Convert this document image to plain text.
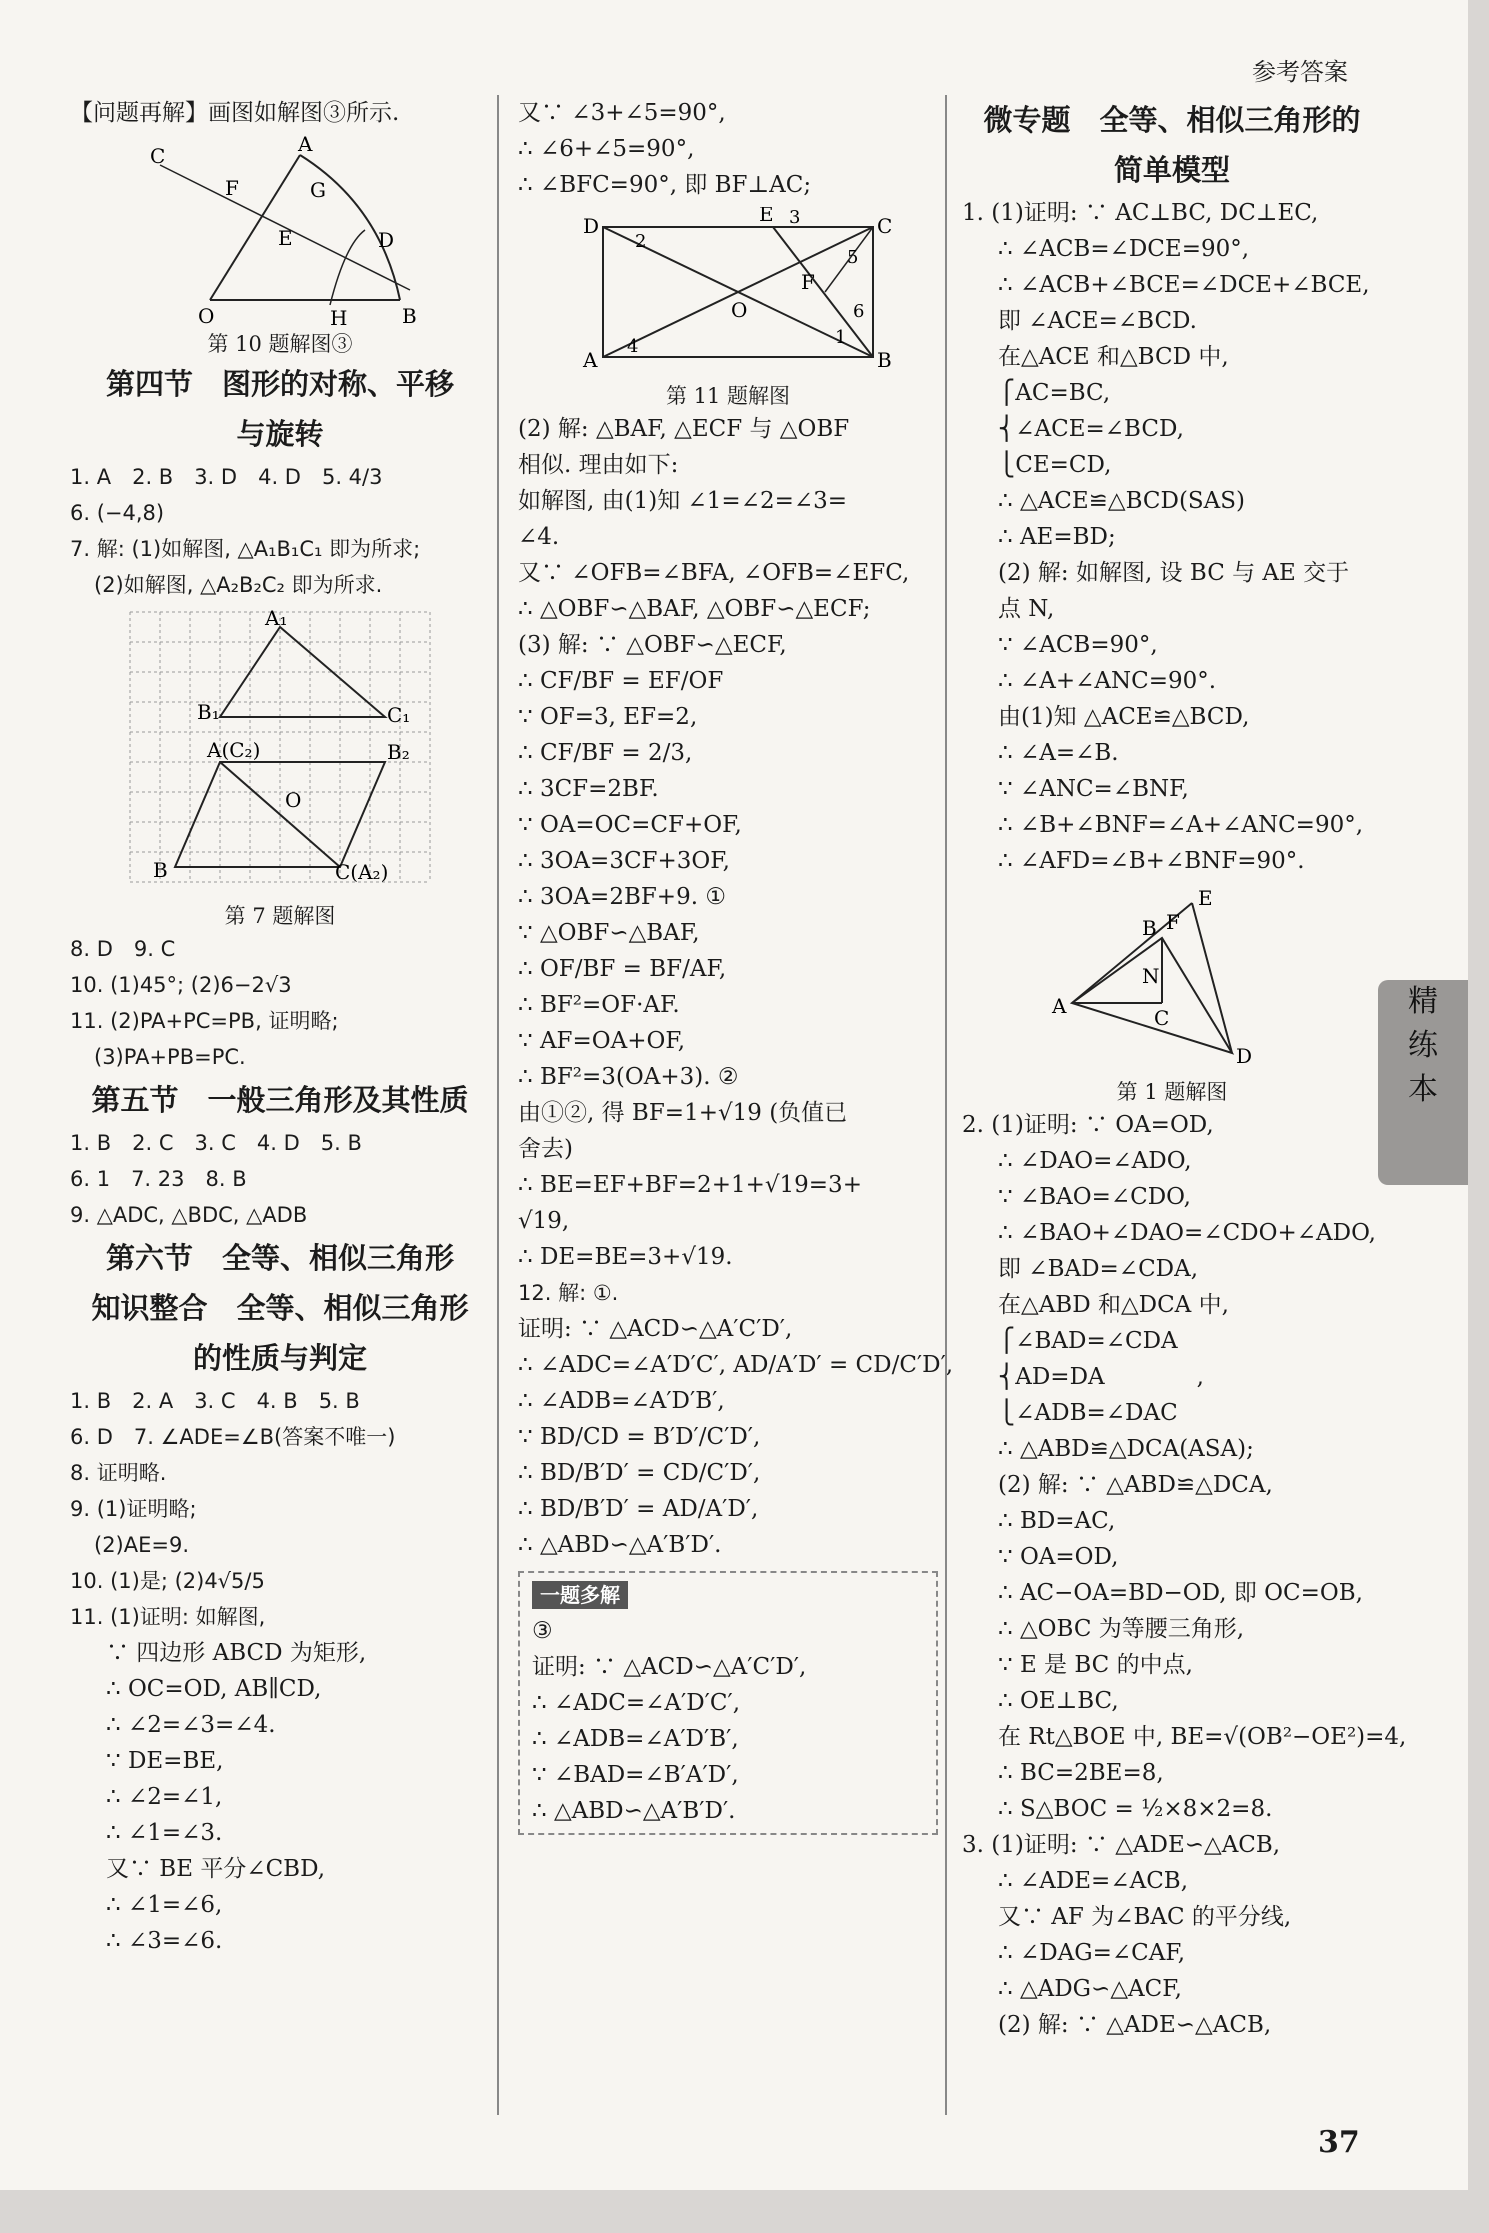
参考答案
【问题再解】画图如解图③所示.
C
F
A
G
E	D
O	H	B
第 10 题解图③
第四节　图形的对称、平移
与旋转
1. A　2. B　3. D　4. D　5. 4/3
6. (−4,8)
7. 解: (1)如解图, △A₁B₁C₁ 即为所求;
(2)如解图, △A₂B₂C₂ 即为所求.
A₁
B₁	C₁
A(C₂)	B₂
O
B	C(A₂)
第 7 题解图
8. D　9. C
10. (1)45°; (2)6−2√3
11. (2)PA+PC=PB, 证明略;
(3)PA+PB=PC.
第五节　一般三角形及其性质
1. B　2. C　3. C　4. D　5. B
6. 1　7. 23　8. B
9. △ADC, △BDC, △ADB
第六节　全等、相似三角形
知识整合　全等、相似三角形
的性质与判定
1. B　2. A　3. C　4. B　5. B
6. D　7. ∠ADE=∠B(答案不唯一)
8. 证明略.
9. (1)证明略;
(2)AE=9.
10. (1)是; (2)4√5/5
11. (1)证明: 如解图,
∵ 四边形 ABCD 为矩形,
∴ OC=OD, AB∥CD,
∴ ∠2=∠3=∠4.
∵ DE=BE,
∴ ∠2=∠1,
∴ ∠1=∠3.
又∵ BE 平分∠CBD,
∴ ∠1=∠6,
∴ ∠3=∠6.
又∵ ∠3+∠5=90°,
∴ ∠6+∠5=90°,
∴ ∠BFC=90°, 即 BF⊥AC;
D	E 3	C
2
5
F
O	6
1
A
4
B
第 11 题解图
(2) 解: △BAF, △ECF 与 △OBF
相似. 理由如下:
如解图, 由(1)知 ∠1=∠2=∠3=
∠4.
又∵ ∠OFB=∠BFA, ∠OFB=∠EFC,
∴ △OBF∽△BAF, △OBF∽△ECF;
(3) 解: ∵ △OBF∽△ECF,
∴ CF/BF = EF/OF
∵ OF=3, EF=2,
∴ CF/BF = 2/3,
∴ 3CF=2BF.
∵ OA=OC=CF+OF,
∴ 3OA=3CF+3OF,
∴ 3OA=2BF+9. ①
∵ △OBF∽△BAF,
∴ OF/BF = BF/AF,
∴ BF²=OF·AF.
∵ AF=OA+OF,
∴ BF²=3(OA+3). ②
由①②, 得 BF=1+√19 (负值已
舍去)
∴ BE=EF+BF=2+1+√19=3+
√19,
∴ DE=BE=3+√19.
12. 解: ①.
证明: ∵ △ACD∽△A′C′D′,
∴ ∠ADC=∠A′D′C′, AD/A′D′ = CD/C′D′,
∴ ∠ADB=∠A′D′B′,
∵ BD/CD = B′D′/C′D′,
∴ BD/B′D′ = CD/C′D′,
∴ BD/B′D′ = AD/A′D′,
∴ △ABD∽△A′B′D′.
一题多解
③
证明: ∵ △ACD∽△A′C′D′,
∴ ∠ADC=∠A′D′C′,
∴ ∠ADB=∠A′D′B′,
∵ ∠BAD=∠B′A′D′,
∴ △ABD∽△A′B′D′.
微专题　全等、相似三角形的
简单模型
1. (1)证明: ∵ AC⊥BC, DC⊥EC,
∴ ∠ACB=∠DCE=90°,
∴ ∠ACB+∠BCE=∠DCE+∠BCE,
即 ∠ACE=∠BCD.
在△ACE 和△BCD 中,
⎧AC=BC,
⎨∠ACE=∠BCD,
⎩CE=CD,
∴ △ACE≌△BCD(SAS)
∴ AE=BD;
(2) 解: 如解图, 设 BC 与 AE 交于
点 N,
∵ ∠ACB=90°,
∴ ∠A+∠ANC=90°.
由(1)知 △ACE≌△BCD,
∴ ∠A=∠B.
∵ ∠ANC=∠BNF,
∴ ∠B+∠BNF=∠A+∠ANC=90°,
∴ ∠AFD=∠B+∠BNF=90°.
B F
E
N
A	C
D
第 1 题解图
2. (1)证明: ∵ OA=OD,
∴ ∠DAO=∠ADO,
∵ ∠BAO=∠CDO,
∴ ∠BAO+∠DAO=∠CDO+∠ADO,
即 ∠BAD=∠CDA,
在△ABD 和△DCA 中,
⎧∠BAD=∠CDA
⎨AD=DA　　　　,
⎩∠ADB=∠DAC
∴ △ABD≌△DCA(ASA);
(2) 解: ∵ △ABD≌△DCA,
∴ BD=AC,
∵ OA=OD,
∴ AC−OA=BD−OD, 即 OC=OB,
∴ △OBC 为等腰三角形,
∵ E 是 BC 的中点,
∴ OE⊥BC,
在 Rt△BOE 中, BE=√(OB²−OE²)=4,
∴ BC=2BE=8,
∴ S△BOC = ½×8×2=8.
3. (1)证明: ∵ △ADE∽△ACB,
∴ ∠ADE=∠ACB,
又∵ AF 为∠BAC 的平分线,
∴ ∠DAG=∠CAF,
∴ △ADG∽△ACF,
(2) 解: ∵ △ADE∽△ACB,
精
练
本
37
